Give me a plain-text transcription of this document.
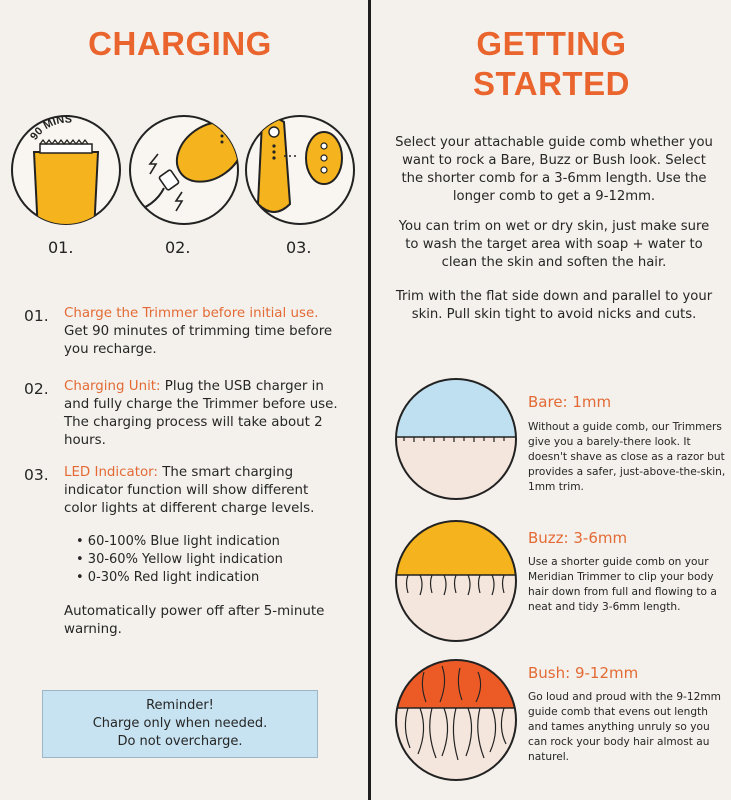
CHARGING
90 MINS
01.	02.	03.
01. Charge the Trimmer before initial use.
Get 90 minutes of trimming time before you recharge.
02. Charging Unit: Plug the USB charger in and fully charge the Trimmer before use. The charging process will take about 2 hours.
03. LED Indicator: The smart charging indicator function will show different color lights at different charge levels.
• 60-100% Blue light indication
• 30-60% Yellow light indication
• 0-30% Red light indication
Automatically power off after 5-minute warning.
Reminder!
Charge only when needed.
Do not overcharge.
GETTING
STARTED
Select your attachable guide comb whether you want to rock a Bare, Buzz or Bush look. Select the shorter comb for a 3-6mm length. Use the longer comb to get a 9-12mm.
You can trim on wet or dry skin, just make sure to wash the target area with soap + water to clean the skin and soften the hair.
Trim with the flat side down and parallel to your skin. Pull skin tight to avoid nicks and cuts.
Bare: 1mm
Without a guide comb, our Trimmers give you a barely-there look. It doesn't shave as close as a razor but provides a safer, just-above-the-skin, 1mm trim.
Buzz: 3-6mm
Use a shorter guide comb on your Meridian Trimmer to clip your body hair down from full and flowing to a neat and tidy 3-6mm length.
Bush: 9-12mm
Go loud and proud with the 9-12mm guide comb that evens out length and tames anything unruly so you can rock your body hair almost au naturel.
